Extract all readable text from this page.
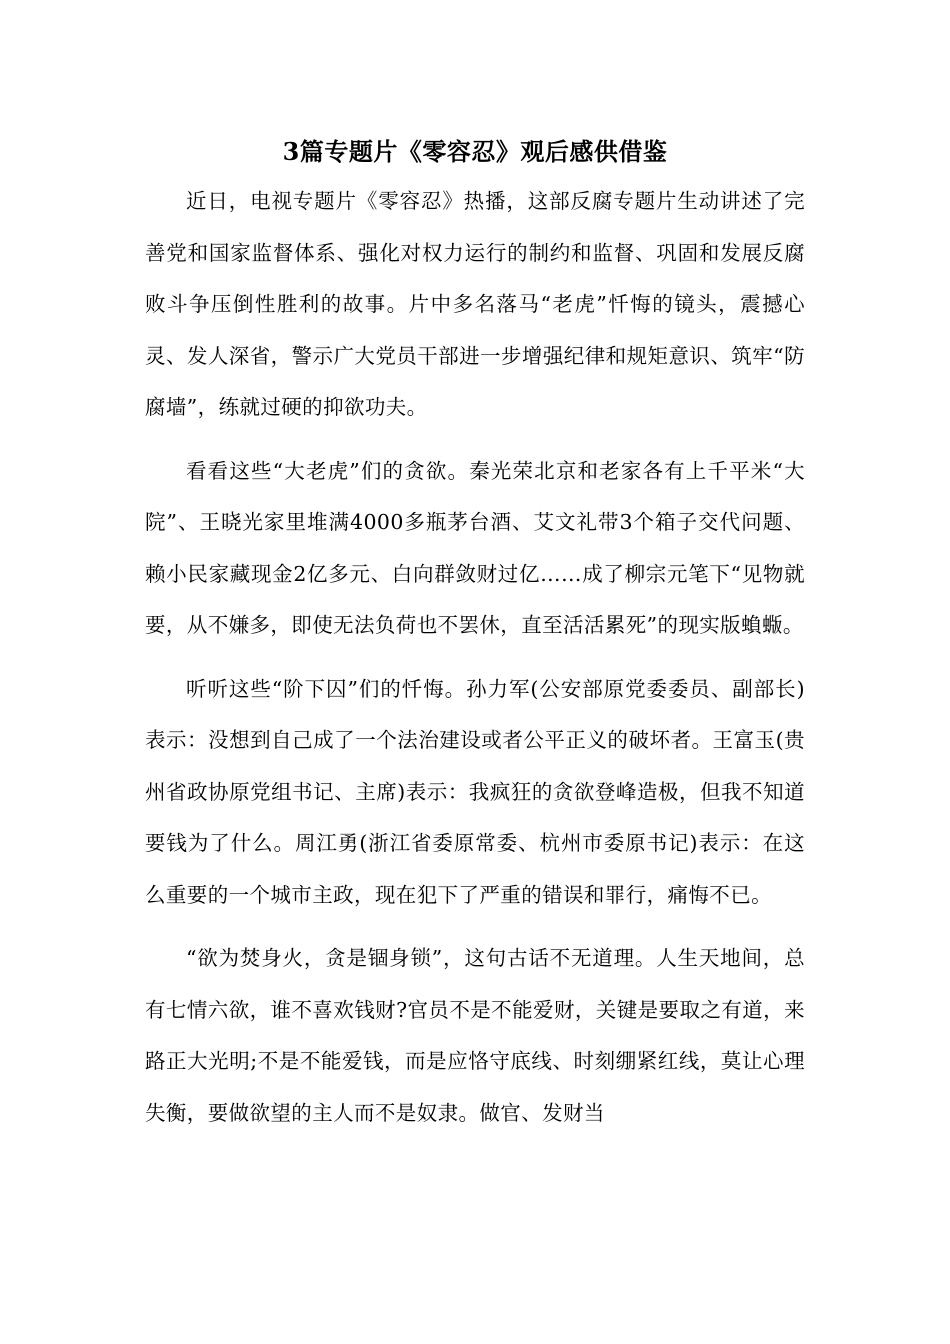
3篇专题片《零容忍》观后感供借鉴

近日，电视专题片《零容忍》热播，这部反腐专题片生动讲述了完善党和国家监督体系、强化对权力运行的制约和监督、巩固和发展反腐败斗争压倒性胜利的故事。片中多名落马“老虎”忏悔的镜头，震撼心灵、发人深省，警示广大党员干部进一步增强纪律和规矩意识、筑牢“防腐墙”，练就过硬的抑欲功夫。

看看这些“大老虎”们的贪欲。秦光荣北京和老家各有上千平米“大院”、王晓光家里堆满4000多瓶茅台酒、艾文礼带3个箱子交代问题、赖小民家藏现金2亿多元、白向群敛财过亿……成了柳宗元笔下“见物就要，从不嫌多，即使无法负荷也不罢休，直至活活累死”的现实版蝜蝂。

听听这些“阶下囚”们的忏悔。孙力军(公安部原党委委员、副部长)表示：没想到自己成了一个法治建设或者公平正义的破坏者。王富玉(贵州省政协原党组书记、主席)表示：我疯狂的贪欲登峰造极，但我不知道要钱为了什么。周江勇(浙江省委原常委、杭州市委原书记)表示：在这么重要的一个城市主政，现在犯下了严重的错误和罪行，痛悔不已。

“欲为焚身火，贪是锢身锁”，这句古话不无道理。人生天地间，总有七情六欲，谁不喜欢钱财?官员不是不能爱财，关键是要取之有道，来路正大光明;不是不能爱钱，而是应恪守底线、时刻绷紧红线，莫让心理失衡，要做欲望的主人而不是奴隶。做官、发财当
